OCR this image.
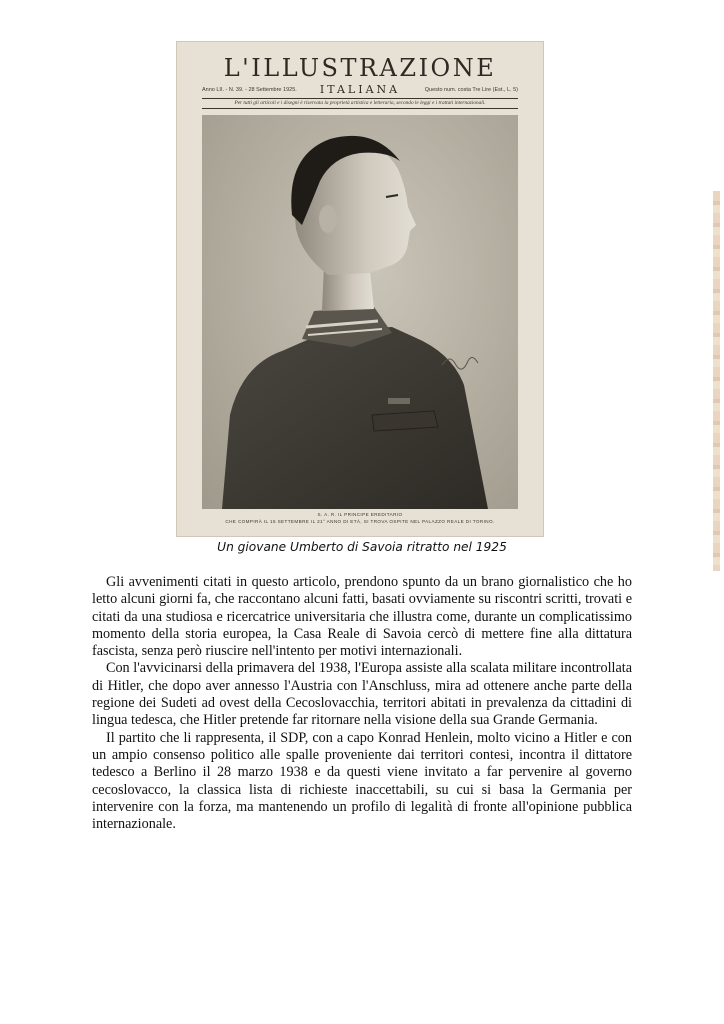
L'ILLUSTRAZIONE
ITALIANA
Anno LII. - N. 39. - 28 Settembre 1925.	Questo num. costa Tre Lire (Est., L. 5)
Per tutti gli articoli e i disegni è riservata la proprietà artistica e letteraria, secondo le leggi e i trattati internazionali.
S. A. R. IL PRINCIPE EREDITARIO
CHE COMPIRÀ IL 15 SETTEMBRE IL 21° ANNO DI ETÀ, SI TROVA OSPITE NEL PALAZZO REALE DI TORINO.
Un giovane Umberto di Savoia ritratto nel 1925

Gli avvenimenti citati in questo articolo, prendono spunto da un brano giornalistico che ho letto alcuni giorni fa, che raccontano alcuni fatti, basati ovviamente su riscontri scritti, trovati e citati da una studiosa e ricercatrice universitaria che illustra come, durante un complicatissimo momento della storia europea, la Casa Reale di Savoia cercò di mettere fine alla dittatura fascista, senza però riuscire nell'intento per motivi internazionali.

Con l'avvicinarsi della primavera del 1938, l'Europa assiste alla scalata militare incontrollata di Hitler, che dopo aver annesso l'Austria con l'Anschluss, mira ad ottenere anche parte della regione dei Sudeti ad ovest della Cecoslovacchia, territori abitati in prevalenza da cittadini di lingua tedesca, che Hitler pretende far ritornare nella visione della sua Grande Germania.

Il partito che li rappresenta, il SDP, con a capo Konrad Henlein, molto vicino a Hitler e con un ampio consenso politico alle spalle proveniente dai territori contesi, incontra il dittatore tedesco a Berlino il 28 marzo 1938 e da questi viene invitato a far pervenire al governo cecoslovacco, la classica lista di richieste inaccettabili, su cui si basa la Germania per intervenire con la forza, ma mantenendo un profilo di legalità di fronte all'opinione pubblica internazionale.
